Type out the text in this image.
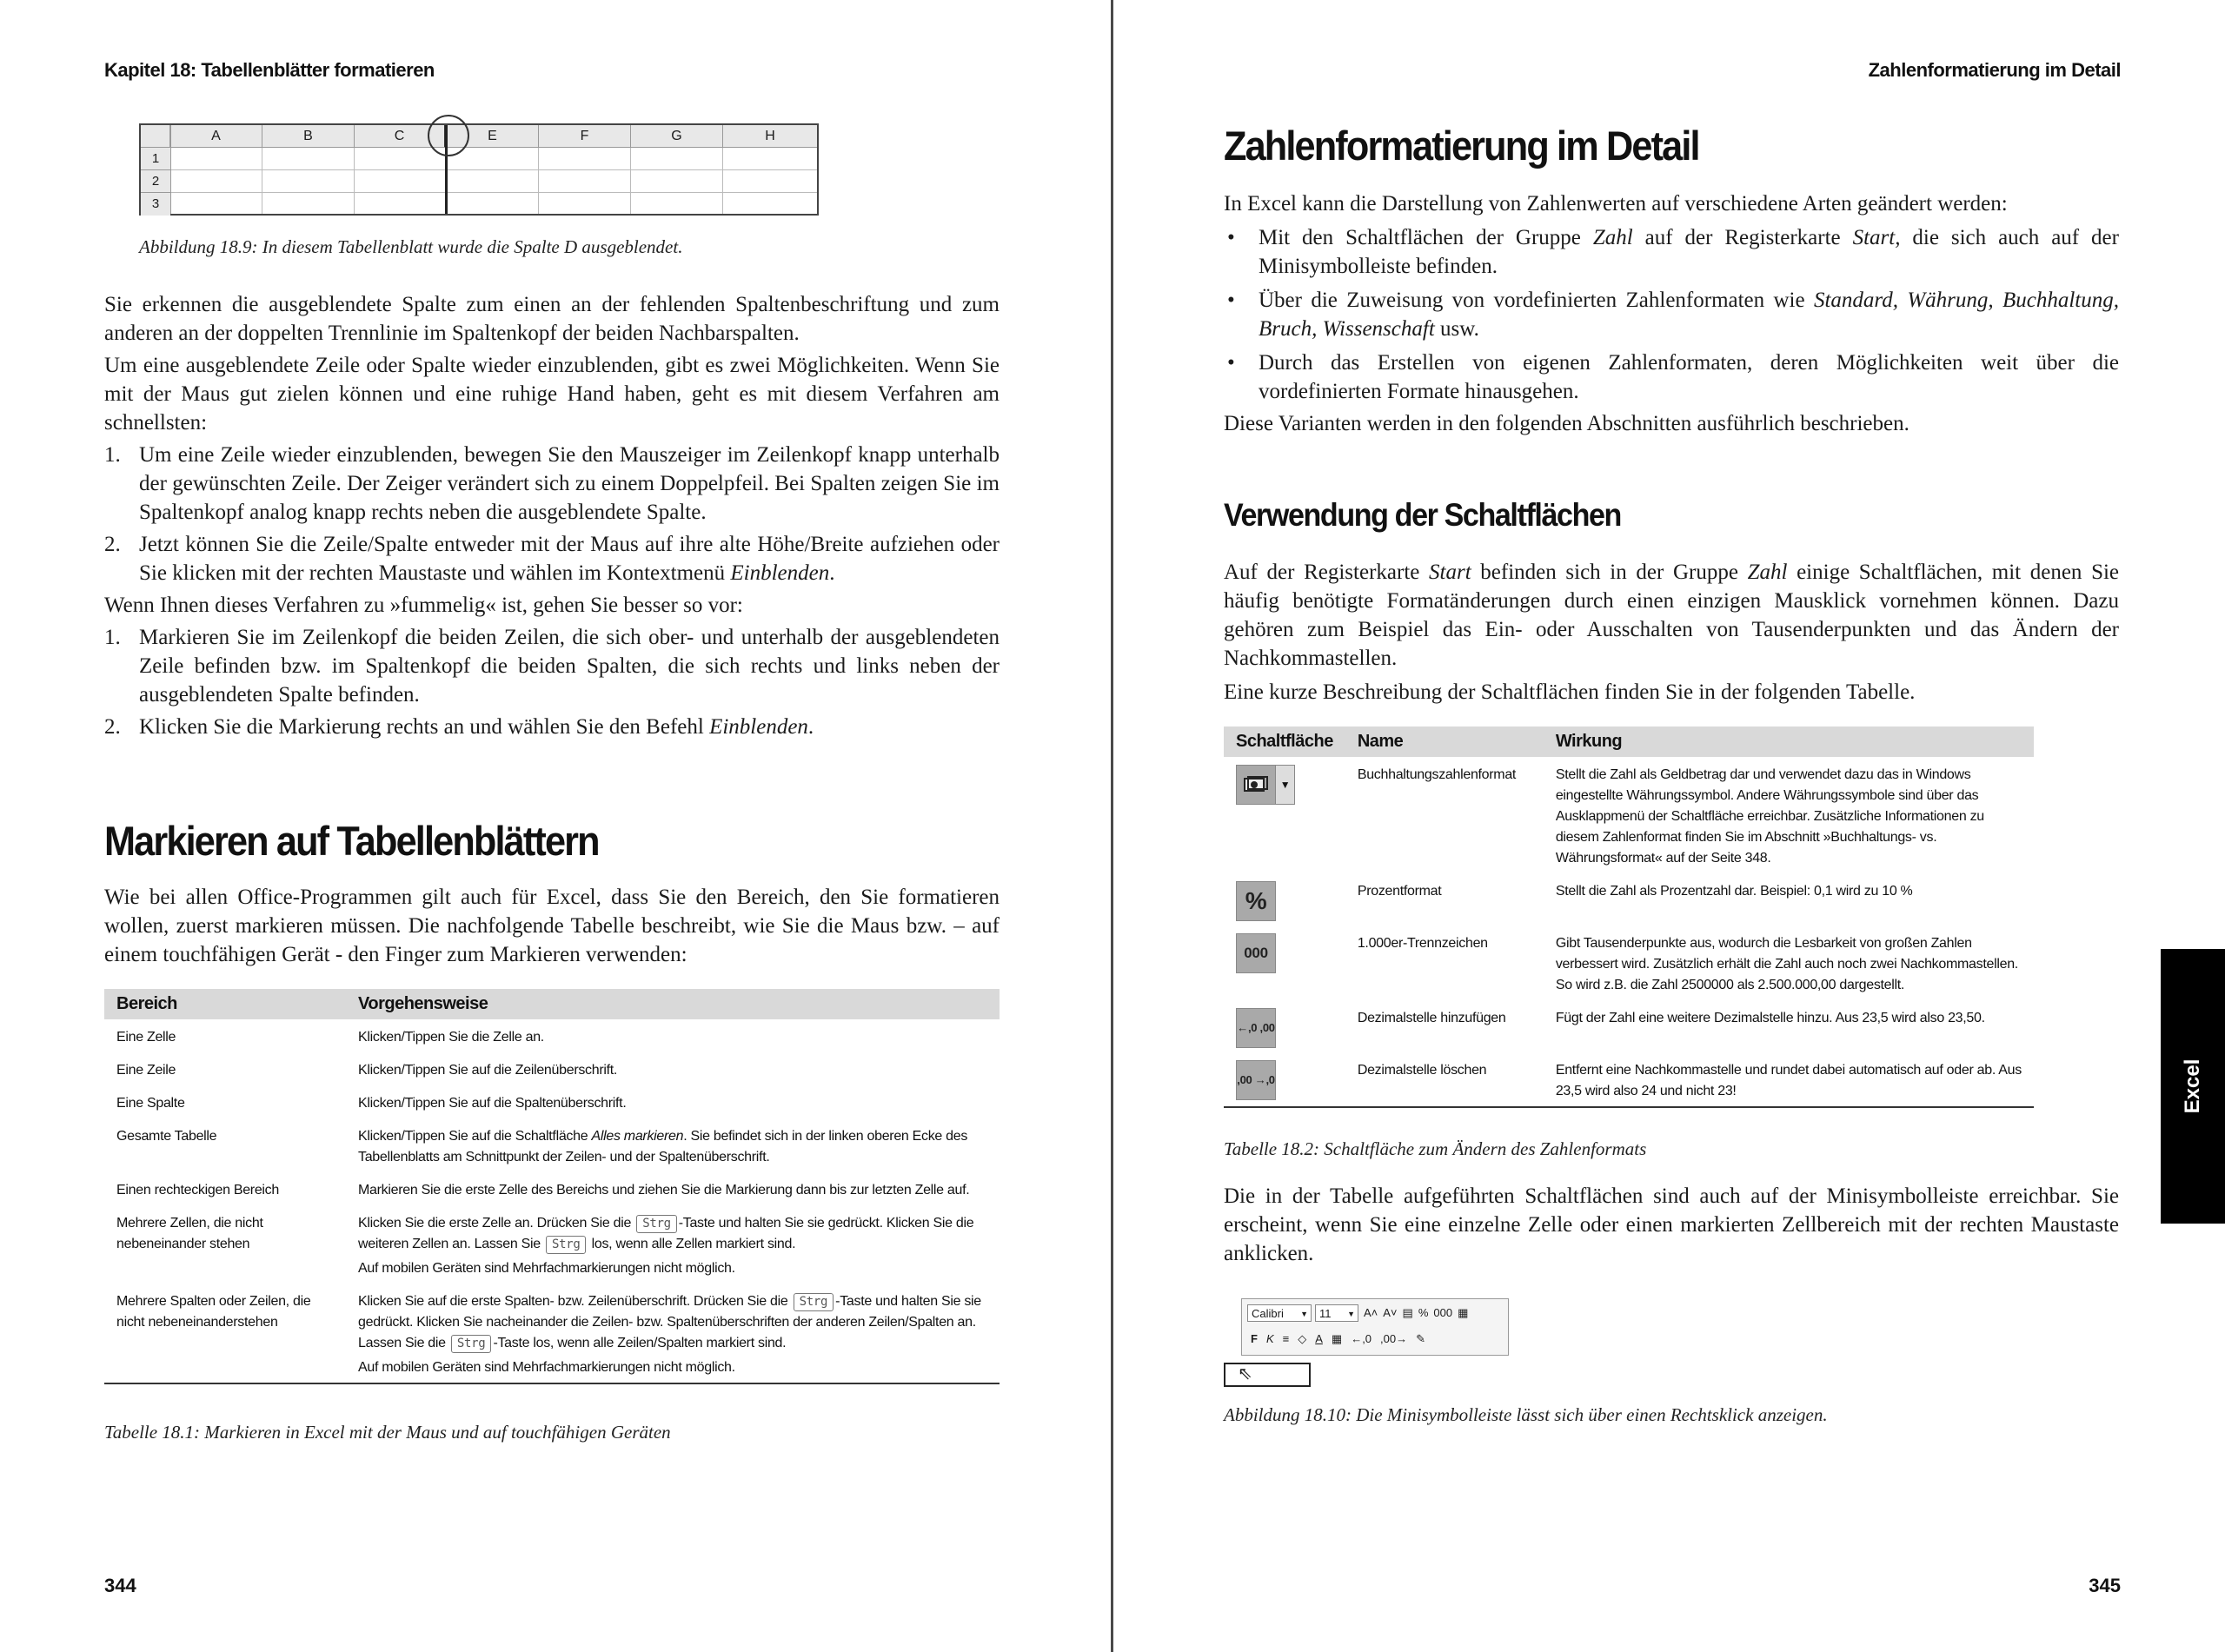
Kapitel 18: Tabellenblätter formatieren
A	B	C	E	F	G	H
1
2
3
Abbildung 18.9: In diesem Tabellenblatt wurde die Spalte D ausgeblendet.

Sie erkennen die ausgeblendete Spalte zum einen an der fehlenden Spaltenbeschriftung und zum anderen an der doppelten Trennlinie im Spaltenkopf der beiden Nachbarspalten.

Um eine ausgeblendete Zeile oder Spalte wieder einzublenden, gibt es zwei Möglichkeiten. Wenn Sie mit der Maus gut zielen können und eine ruhige Hand haben, geht es mit diesem Verfahren am schnellsten:

1. Um eine Zeile wieder einzublenden, bewegen Sie den Mauszeiger im Zeilenkopf knapp unterhalb der gewünschten Zeile. Der Zeiger verändert sich zu einem Doppelpfeil. Bei Spalten zeigen Sie im Spaltenkopf analog knapp rechts neben die ausgeblendete Spalte.
2. Jetzt können Sie die Zeile/Spalte entweder mit der Maus auf ihre alte Höhe/Breite aufziehen oder Sie klicken mit der rechten Maustaste und wählen im Kontextmenü Einblenden.

Wenn Ihnen dieses Verfahren zu »fummelig« ist, gehen Sie besser so vor:

1. Markieren Sie im Zeilenkopf die beiden Zeilen, die sich ober- und unterhalb der ausgeblendeten Zeile befinden bzw. im Spaltenkopf die beiden Spalten, die sich rechts und links neben der ausgeblendeten Spalte befinden.
2. Klicken Sie die Markierung rechts an und wählen Sie den Befehl Einblenden.
Markieren auf Tabellenblättern

Wie bei allen Office-Programmen gilt auch für Excel, dass Sie den Bereich, den Sie formatieren wollen, zuerst markieren müssen. Die nachfolgende Tabelle beschreibt, wie Sie die Maus bzw. – auf einem touchfähigen Gerät - den Finger zum Markieren verwenden:

Bereich	Vorgehensweise
Eine Zelle	Klicken/Tippen Sie die Zelle an.
Eine Zeile	Klicken/Tippen Sie auf die Zeilenüberschrift.
Eine Spalte	Klicken/Tippen Sie auf die Spaltenüberschrift.
Gesamte Tabelle	Klicken/Tippen Sie auf die Schaltfläche Alles markieren. Sie befindet sich in der linken oberen Ecke des Tabellenblatts am Schnittpunkt der Zeilen- und der Spaltenüberschrift.
Einen rechteckigen Bereich	Markieren Sie die erste Zelle des Bereichs und ziehen Sie die Markierung dann bis zur letzten Zelle auf.
Mehrere Zellen, die nicht nebeneinander stehen	Klicken Sie die erste Zelle an. Drücken Sie die Strg -Taste und halten Sie sie gedrückt. Klicken Sie die weiteren Zellen an. Lassen Sie Strg los, wenn alle Zellen markiert sind.
Auf mobilen Geräten sind Mehrfachmarkierungen nicht möglich.

Mehrere Spalten oder Zeilen, die nicht nebeneinanderstehen	Klicken Sie auf die erste Spalten- bzw. Zeilenüberschrift. Drücken Sie die Strg -Taste und halten Sie sie gedrückt. Klicken Sie nacheinander die Zeilen- bzw. Spaltenüberschriften der anderen Zeilen/Spalten an. Lassen Sie die Strg -Taste los, wenn alle Zeilen/Spalten markiert sind.
Auf mobilen Geräten sind Mehrfachmarkierungen nicht möglich.
Tabelle 18.1: Markieren in Excel mit der Maus und auf touchfähigen Geräten
344
Zahlenformatierung im Detail
Zahlenformatierung im Detail

In Excel kann die Darstellung von Zahlenwerten auf verschiedene Arten geändert werden:

• Mit den Schaltflächen der Gruppe Zahl auf der Registerkarte Start, die sich auch auf der Minisymbolleiste befinden.
• Über die Zuweisung von vordefinierten Zahlenformaten wie Standard, Währung, Buchhaltung, Bruch, Wissenschaft usw.
• Durch das Erstellen von eigenen Zahlenformaten, deren Möglichkeiten weit über die vordefinierten Formate hinausgehen.

Diese Varianten werden in den folgenden Abschnitten ausführlich beschrieben.

Verwendung der Schaltflächen

Auf der Registerkarte Start befinden sich in der Gruppe Zahl einige Schaltflächen, mit denen Sie häufig benötigte Formatänderungen durch einen einzigen Mausklick vornehmen können. Dazu gehören zum Beispiel das Ein- oder Ausschalten von Tausenderpunkten und das Ändern der Nachkommastellen.

Eine kurze Beschreibung der Schaltflächen finden Sie in der folgenden Tabelle.

Schaltfläche	Name	Wirkung

▼	Buchhaltungszahlenformat	Stellt die Zahl als Geldbetrag dar und verwendet dazu das in Windows eingestellte Währungssymbol. Andere Währungssymbole sind über das Ausklappmenü der Schaltfläche erreichbar. Zusätzliche Informationen zu diesem Zahlenformat finden Sie im Abschnitt »Buchhaltungs- vs. Währungsformat« auf der Seite 348.

%	Prozentformat	Stellt die Zahl als Prozentzahl dar. Beispiel: 0,1 wird zu 10 %

000	1.000er-Trennzeichen	Gibt Tausenderpunkte aus, wodurch die Lesbarkeit von großen Zahlen verbessert wird. Zusätzlich erhält die Zahl auch noch zwei Nachkommastellen. So wird z.B. die Zahl 2500000 als 2.500.000,00 dargestellt.

←,0 ,00	Dezimalstelle hinzufügen	Fügt der Zahl eine weitere Dezimalstelle hinzu. Aus 23,5 wird also 23,50.

,00 →,0	Dezimalstelle löschen	Entfernt eine Nachkommastelle und rundet dabei automatisch auf oder ab. Aus 23,5 wird also 24 und nicht 23!
Tabelle 18.2: Schaltfläche zum Ändern des Zahlenformats

Die in der Tabelle aufgeführten Schaltflächen sind auch auf der Minisymbolleiste erreichbar. Sie erscheint, wenn Sie eine einzelne Zelle oder einen markierten Zellbereich mit der rechten Maustaste anklicken.

Calibri ▼	11 ▼ A˄ A˅ ▤ % 000 ▦
F K ≡ ◇ A ▦ ←,0 ,00→ ✎
⇖
Abbildung 18.10: Die Minisymbolleiste lässt sich über einen Rechtsklick anzeigen.
345
Excel
